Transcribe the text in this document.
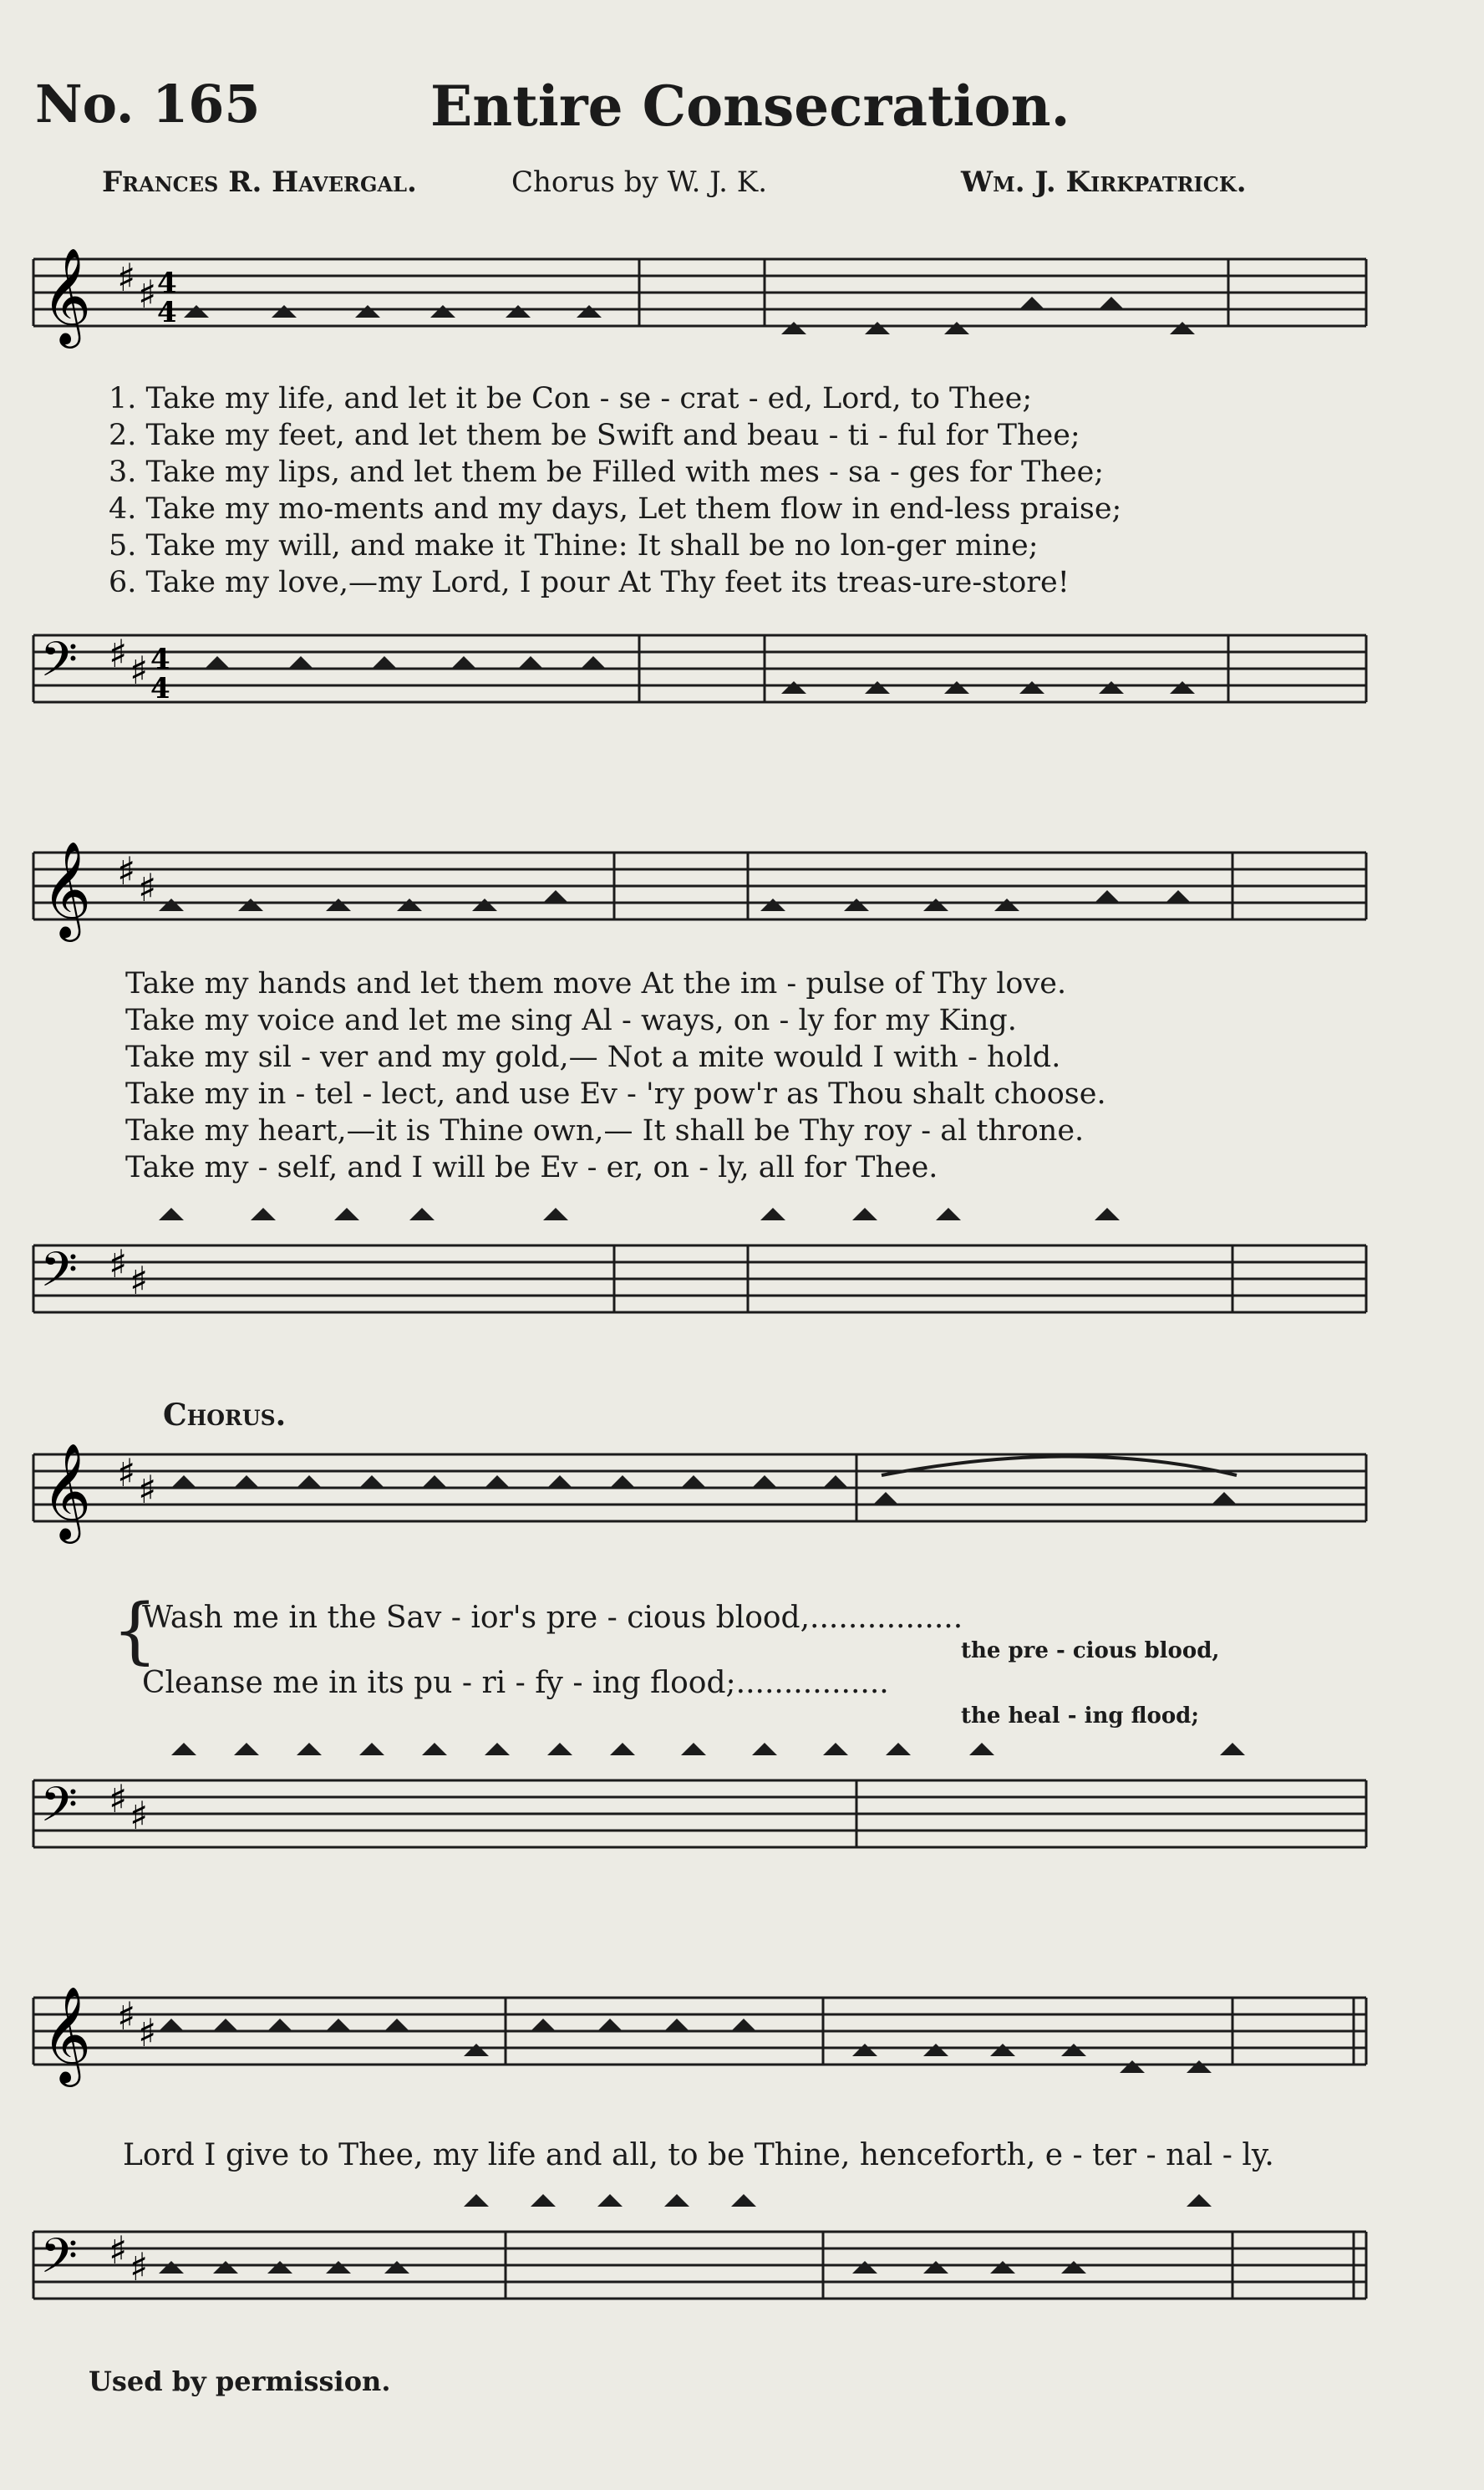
No. 165	Entire Consecration.
Frances R. Havergal.	Chorus by W. J. K.	Wm. J. Kirkpatrick.
𝄞 ♯ ♯ 4
4
1. Take my life, and let it be Con - se - crat - ed, Lord, to Thee;
2. Take my feet, and let them be Swift and beau - ti - ful for Thee;
3. Take my lips, and let them be Filled with mes - sa - ges for Thee;
4. Take my mo-ments and my days, Let them flow in end-less praise;
5. Take my will, and make it Thine: It shall be no lon-ger mine;
6. Take my love,—my Lord, I pour At Thy feet its treas-ure-store!
𝄢 ♯ ♯ 4
4
𝄞 ♯ ♯
Take my hands and let them move At the im - pulse of Thy love.
Take my voice and let me sing Al - ways, on - ly for my King.
Take my sil - ver and my gold,— Not a mite would I with - hold.
Take my in - tel - lect, and use Ev - 'ry pow'r as Thou shalt choose.
Take my heart,—it is Thine own,— It shall be Thy roy - al throne.
Take my - self, and I will be Ev - er, on - ly, all for Thee.
𝄢 ♯ ♯
Chorus.
𝄞 ♯ ♯
{
Wash me in the Sav - ior's pre - cious blood,................
the pre - cious blood,
Cleanse me in its pu - ri - fy - ing flood;................
the heal - ing flood;
𝄢 ♯ ♯
𝄞 ♯ ♯
Lord I give to Thee, my life and all, to be Thine, henceforth, e - ter - nal - ly.
𝄢 ♯ ♯
Used by permission.
